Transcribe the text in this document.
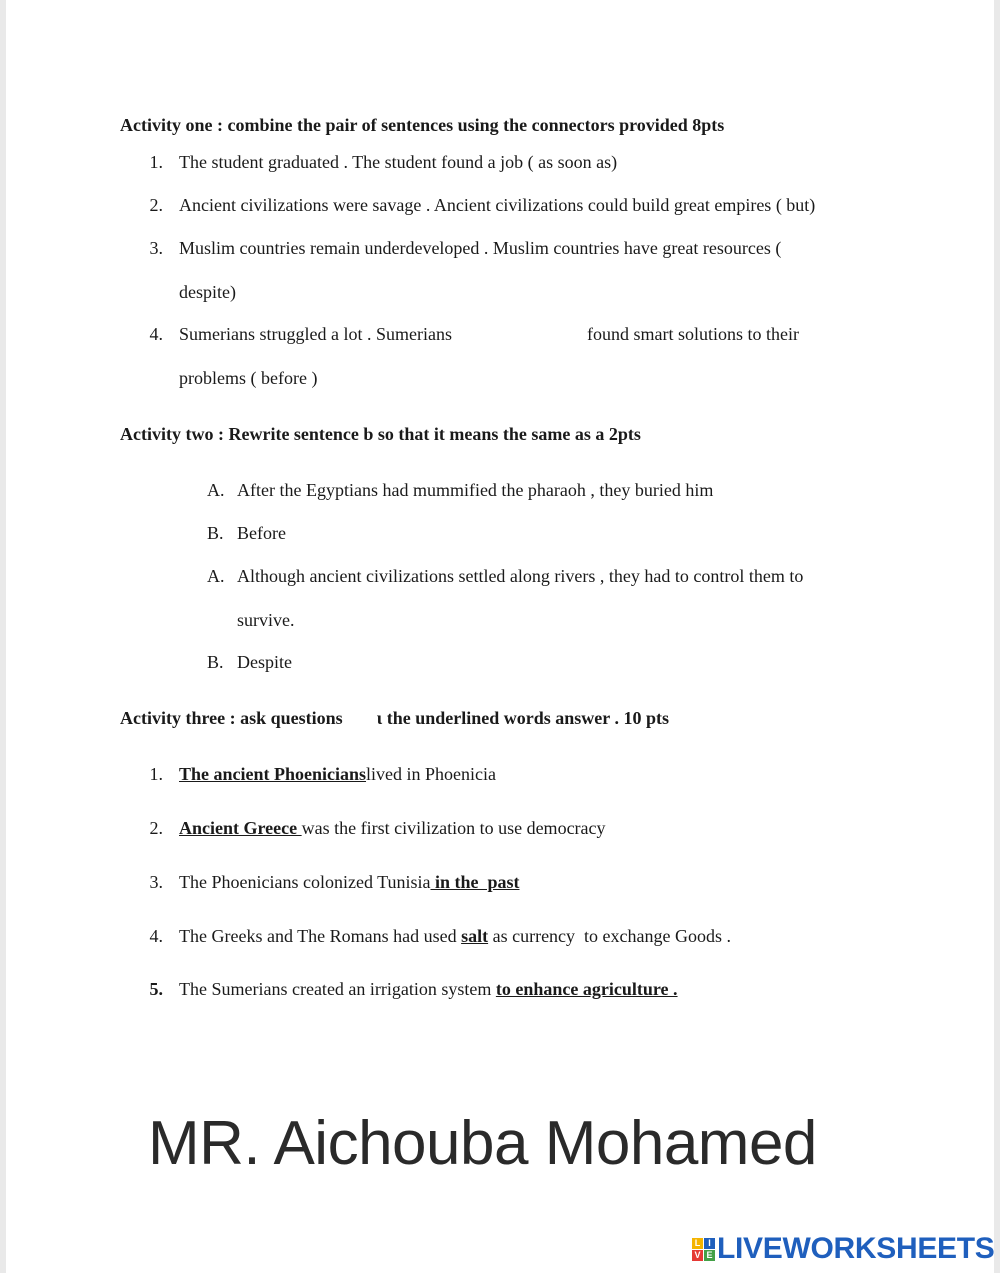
Activity one : combine the pair of sentences using the connectors provided 8pts
1. The student graduated . The student found a job ( as soon as)
2. Ancient civilizations were savage . Ancient civilizations could build great empires ( but)
3. Muslim countries remain underdeveloped . Muslim countries have great resources (
despite)
4. Sumerians struggled a lot . Sumerians	found smart solutions to their
problems ( before )
Activity two : Rewrite sentence b so that it means the same as a 2pts
A. After the Egyptians had mummified the pharaoh , they buried him
B. Before
A. Although ancient civilizations settled along rivers , they had to control them to
survive.
B. Despite
Activity three : ask questions ι the underlined words answer . 10 pts
1. The ancient Phoenicianslived in Phoenicia
2. Ancient Greece was the first civilization to use democracy
3. The Phoenicians colonized Tunisia in the  past
4. The Greeks and The Romans had used salt as currency  to exchange Goods .
5. The Sumerians created an irrigation system to enhance agriculture .
MR. Aichouba Mohamed
L I
V E LIVEWORKSHEETS
